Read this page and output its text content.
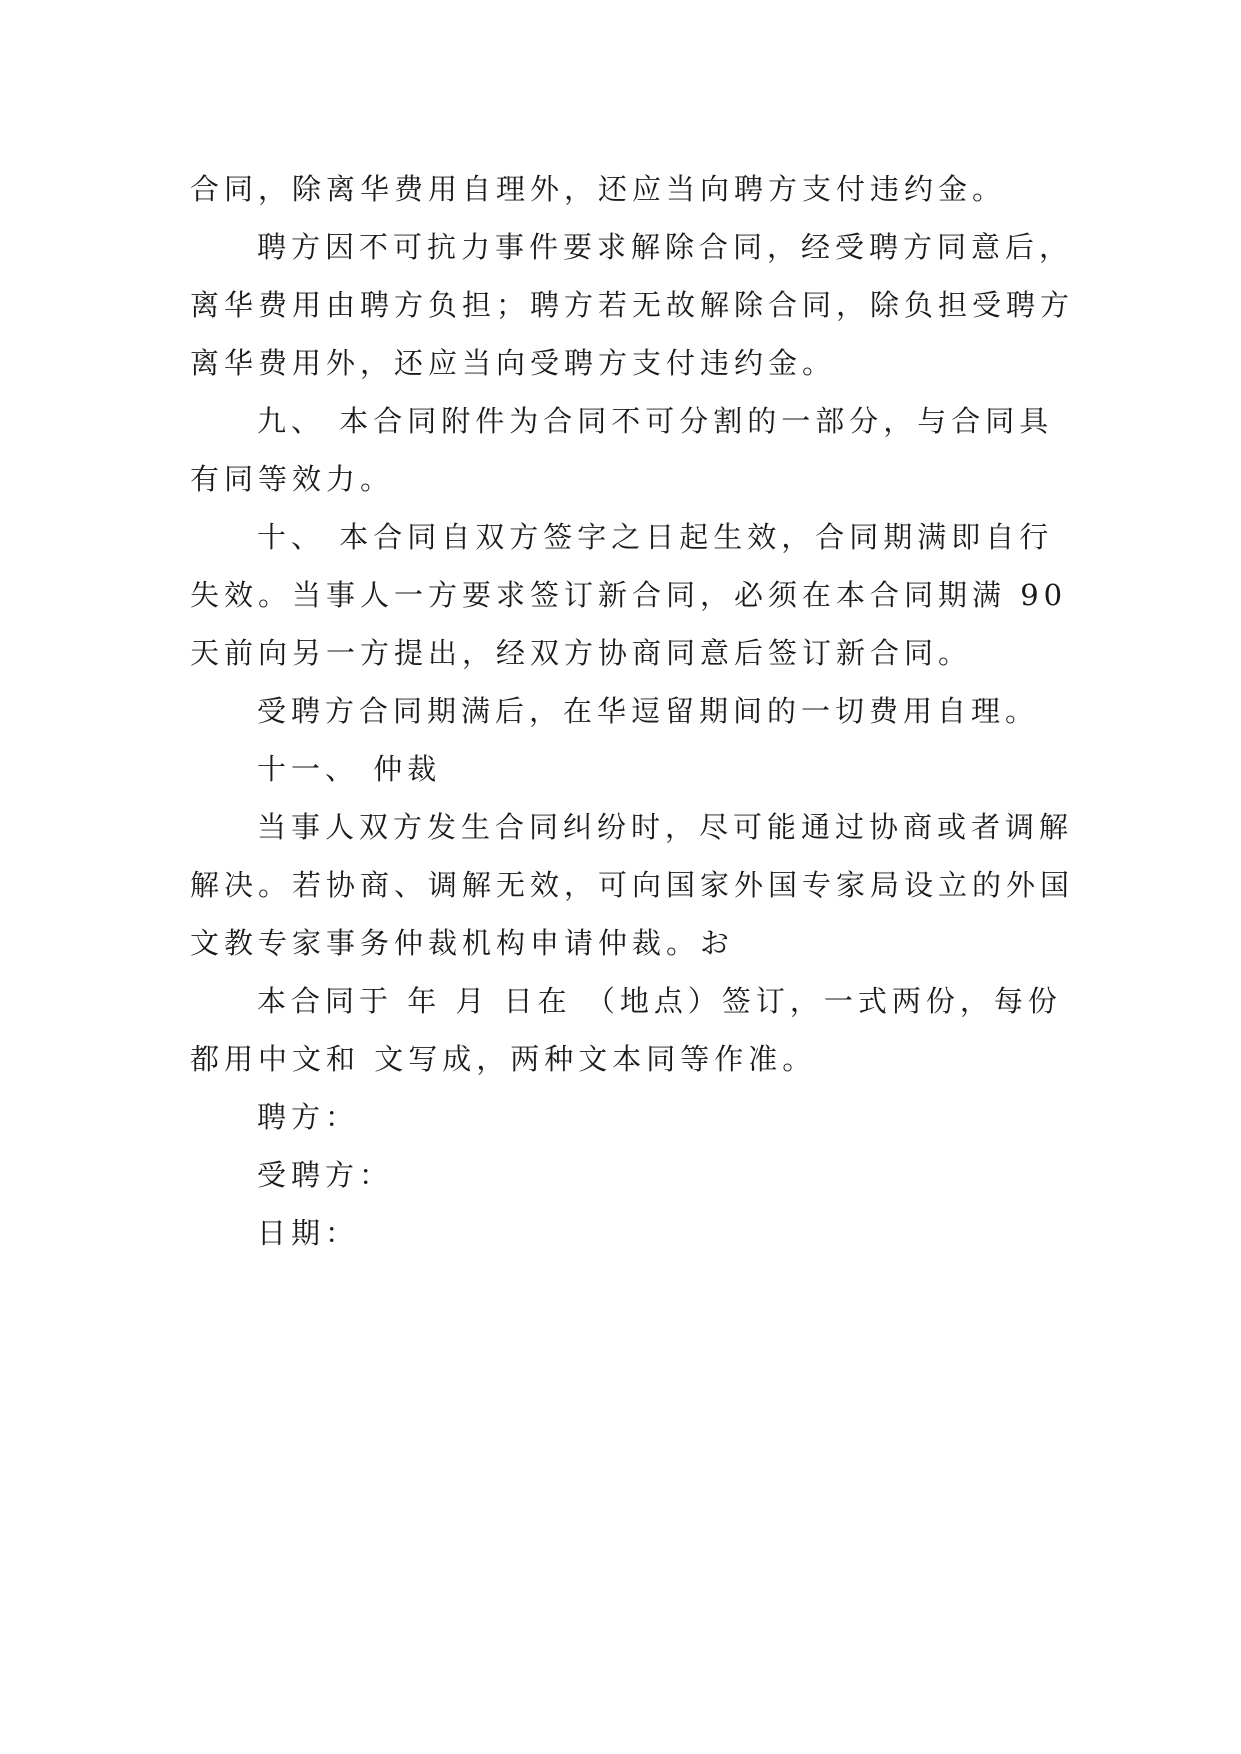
合同，除离华费用自理外，还应当向聘方支付违约金。
聘方因不可抗力事件要求解除合同，经受聘方同意后，
离华费用由聘方负担；聘方若无故解除合同，除负担受聘方
离华费用外，还应当向受聘方支付违约金。
九、 本合同附件为合同不可分割的一部分，与合同具
有同等效力。
十、 本合同自双方签字之日起生效，合同期满即自行
失效。当事人一方要求签订新合同，必须在本合同期满 90
天前向另一方提出，经双方协商同意后签订新合同。
受聘方合同期满后，在华逗留期间的一切费用自理。
十一、 仲裁
当事人双方发生合同纠纷时，尽可能通过协商或者调解
解决。若协商、调解无效，可向国家外国专家局设立的外国
文教专家事务仲裁机构申请仲裁。お
本合同于 年 月 日在 （地点）签订，一式两份，每份
都用中文和 文写成，两种文本同等作准。
聘方：
受聘方：
日期：
